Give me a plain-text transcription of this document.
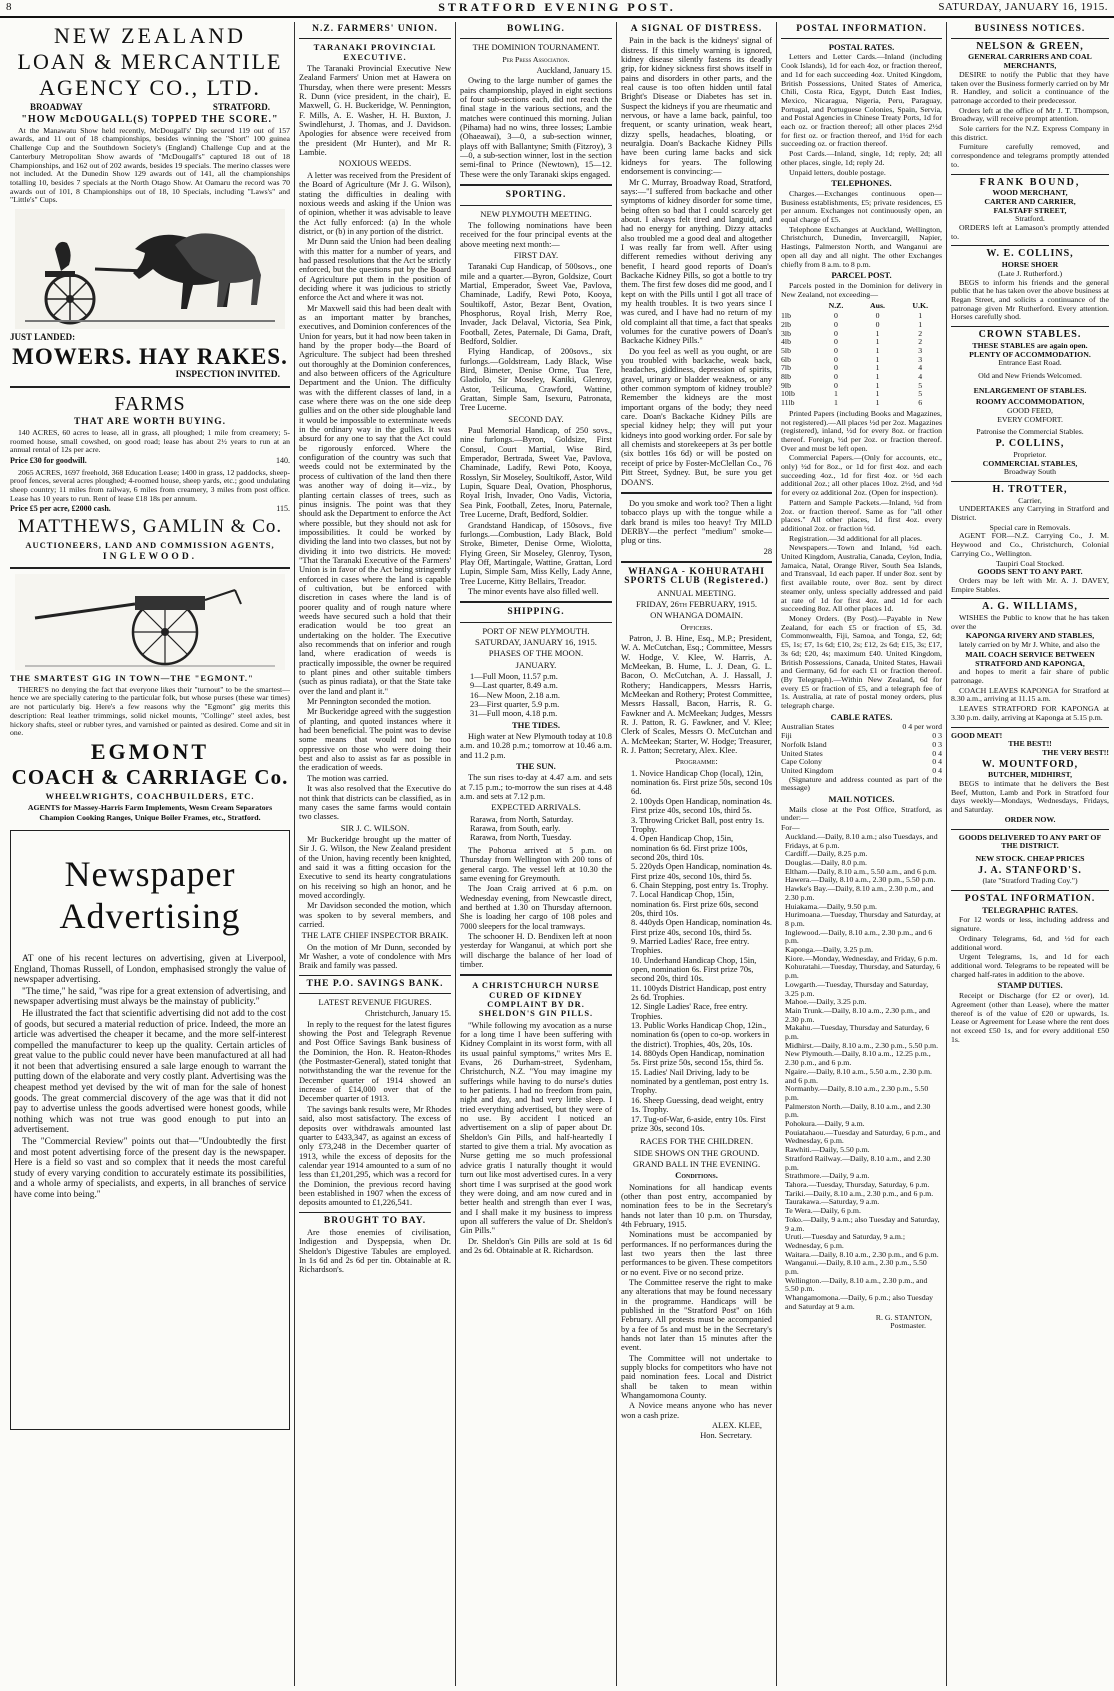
8	STRATFORD EVENING POST.	SATURDAY, JANUARY 16, 1915.
NEW ZEALAND
LOAN & MERCANTILE
AGENCY CO., LTD.
BROADWAY	STRATFORD.
"HOW McDOUGALL(S) TOPPED THE SCORE."

At the Manawatu Show held recently, McDougall's' Dip secured 119 out of 157 awards, and 11 out of 18 championships, besides winning the "Short" 100 guinea Challenge Cup and the Southdown Society's (England) Challenge Cup and at the Canterbury Metropolitan Show awards of "McDougall's" captured 18 out of 18 Championships, and 162 out of 202 awards, besides 19 specials. The merino classes were not included. At the Dunedin Show 129 awards out of 141, all the championships totalling 10, besides 7 specials at the North Otago Show. At Oamaru the record was 70 awards out of 101, 8 Championships out of 18, 10 Specials, including "Laws's" and "Little's" Cups.

JUST LANDED:
MOWERS. HAY RAKES.
INSPECTION INVITED.
FARMS
THAT ARE WORTH BUYING.

140 ACRES, 60 acres to lease, all in grass, all ploughed; 1 mile from creamery; 5-roomed house, small cowshed, on good road; lease has about 2½ years to run at an annual rental of 12s per acre.

Price £30 for goodwill.	140.

2065 ACRES, 1697 freehold, 368 Education Lease; 1400 in grass, 12 paddocks, sheep-proof fences, several acres ploughed; 4-roomed house, sheep yards, etc.; good undulating sheep country; 11 miles from railway, 6 miles from creamery, 3 miles from post office. Lease has 10 years to run. Rent of lease £18 18s per annum.

Price £5 per acre, £2000 cash.	115.
MATTHEWS, GAMLIN & Co.
AUCTIONEERS, LAND AND COMMISSION AGENTS,
INGLEWOOD.
THE SMARTEST GIG IN TOWN—THE "EGMONT."

THERE'S no denying the fact that everyone likes their "turnout" to be the smartest—hence we are specially catering to the particular folk, but whose purses (these war times) are not particularly big. Here's a few reasons why the "Egmont" gig merits this description: Real leather trimmings, solid nickel mounts, "Collinge" steel axles, best hickory shafts, steel or rubber tyres, and varnished or painted as desired. Come and sit in one.

EGMONT
COACH & CARRIAGE Co.
WHEELWRIGHTS, COACHBUILDERS, ETC.
AGENTS for Massey-Harris Farm Implements, Wesm Cream Separators
Champion Cooking Ranges, Unique Boiler Frames, etc., Stratford.
Newspaper
Advertising

AT one of his recent lectures on advertising, given at Liverpool, England, Thomas Russell, of London, emphasised strongly the value of newspaper advertising.

"The time," he said, "was ripe for a great extension of advertising, and newspaper advertising must always be the mainstay of publicity."

He illustrated the fact that scientific advertising did not add to the cost of goods, but secured a material reduction of price. Indeed, the more an article was advertised the cheaper it became, and the more self-interest compelled the manufacturer to keep up the quality. Certain articles of great value to the public could never have been manufactured at all had it not been that advertising ensured a sale large enough to warrant the putting down of the elaborate and very costly plant. Advertising was the cheapest method yet devised by the wit of man for the sale of honest goods. The great commercial discovery of the age was that it did not pay to advertise unless the goods advertised were honest goods, while nothing which was not true was good enough to put into an advertisement.

The "Commercial Review" points out that—"Undoubtedly the first and most potent advertising force of the present day is the newspaper. Here is a field so vast and so complex that it needs the most careful study of every varying condition to accurately estimate its possibilities, and a whole army of specialists, and experts, in all branches of service have come into being."

N.Z. FARMERS' UNION.
TARANAKI PROVINCIAL EXECUTIVE.

The Taranaki Provincial Executive New Zealand Farmers' Union met at Hawera on Thursday, when there were present: Messrs R. Dunn (vice president, in the chair), E. Maxwell, G. H. Buckeridge, W. Pennington, F. Mills, A. E. Washer, H. H. Buxton, J. Swindlehurst, J. Thomas, and J. Davidson. Apologies for absence were received from the president (Mr Hunter), and Mr R. Lambie.

NOXIOUS WEEDS.

A letter was received from the President of the Board of Agriculture (Mr J. G. Wilson), stating the difficulties in dealing with noxious weeds and asking if the Union was of opinion, whether it was advisable to leave the Act fully enforced: (a) In the whole district, or (b) in any portion of the district.

Mr Dunn said the Union had been dealing with this matter for a number of years, and had passed resolutions that the Act be strictly enforced, but the questions put by the Board of Agriculture put them in the position of deciding where it was judicious to strictly enforce the Act and where it was not.

Mr Maxwell said this had been dealt with as an important matter by branches, executives, and Dominion conferences of the Union for years, but it had now been taken in hand by the proper body—the Board of Agriculture. The subject had been threshed out thoroughly at the Dominion conferences, and also between officers of the Agriculture Department and the Union. The difficulty was with the different classes of land, in a case where there was on the one side deep gullies and on the other side ploughable land it would be impossible to exterminate weeds in the ordinary way in the gullies. It was absurd for any one to say that the Act could be rigorously enforced. Where the configuration of the country was such that weeds could not be exterminated by the process of cultivation of the land then there was another way of doing it—viz., by planting certain classes of trees, such as pinus insignis. The point was that they should ask the Department to enforce the Act where possible, but they should not ask for impossibilities. It could be worked by dividing the land into two classes, but not by dividing it into two districts. He moved: "That the Taranaki Executive of the Farmers' Union is in favor of the Act being stringently enforced in cases where the land is capable of cultivation, but be enforced with discretion in cases where the land is of poorer quality and of rough nature where weeds have secured such a hold that their eradication would be too great an undertaking on the holder. The Executive also recommends that on inferior and rough land, where eradication of weeds is practically impossible, the owner be required to plant pines and other suitable timbers (such as pinus radiata), or that the State take over the land and plant it."

Mr Pennington seconded the motion.

Mr Buckeridge agreed with the suggestion of planting, and quoted instances where it had been beneficial. The point was to devise some means that would not be too oppressive on those who were doing their best and also to assist as far as possible in the eradication of weeds.

The motion was carried.

It was also resolved that the Executive do not think that districts can be classified, as in many cases the same farms would contain two classes.

SIR J. C. WILSON.

Mr Buckeridge brought up the matter of Sir J. G. Wilson, the New Zealand president of the Union, having recently been knighted, and said it was a fitting occasion for the Executive to send its hearty congratulations on his receiving so high an honor, and he moved accordingly.

Mr Davidson seconded the motion, which was spoken to by several members, and carried.

THE LATE CHIEF INSPECTOR BRAIK.

On the motion of Mr Dunn, seconded by Mr Washer, a vote of condolence with Mrs Braik and family was passed.

THE P.O. SAVINGS BANK.
LATEST REVENUE FIGURES.

Christchurch, January 15.

In reply to the request for the latest figures showing the Post and Telegraph Revenue and Post Office Savings Bank business of the Dominion, the Hon. R. Heaton-Rhodes (the Postmaster-General), stated tonight that notwithstanding the war the revenue for the December quarter of 1914 showed an increase of £14,000 over that of the December quarter of 1913.

The savings bank results were, Mr Rhodes said, also most satisfactory. The excess of deposits over withdrawals amounted last quarter to £433,347, as against an excess of only £73,248 in the December quarter of 1913, while the excess of deposits for the calendar year 1914 amounted to a sum of no less than £1,201,295, which was a record for the Dominion, the previous record having been established in 1907 when the excess of deposits amounted to £1,226,541.

BROUGHT TO BAY.

Are those enemies of civilisation, Indigestion and Dyspepsia, when Dr. Sheldon's Digestive Tabules are employed. In 1s 6d and 2s 6d per tin. Obtainable at R. Richardson's.

BOWLING.
THE DOMINION TOURNAMENT.
Per Press Association.

Auckland, January 15.

Owing to the large number of games the pairs championship, played in eight sections of four sub-sections each, did not reach the final stage in the various sections, and the matches were continued this morning. Julian (Pihama) had no wins, three losses; Lambie (Ohaeawai), 3—0, a sub-section winner, plays off with Ballantyne; Smith (Fitzroy), 3—0, a sub-section winner, lost in the section semi-final to Prince (Newtown), 15—12. These were the only Taranaki skips engaged.

SPORTING.
NEW PLYMOUTH MEETING.

The following nominations have been received for the four principal events at the above meeting next month:—

FIRST DAY.

Taranaki Cup Handicap, of 500sovs., one mile and a quarter.—Byron, Goldsize, Court Martial, Emperador, Sweet Vae, Pavlova, Chaminade, Ladify, Rewi Poto, Kooya, Soultikoff, Astor, Bezar Bent, Ovation, Phosphorus, Royal Irish, Merry Roe, Invader, Jack Delaval, Victoria, Sea Pink, Football, Zetes, Paternale, Di Gama, Draft, Bedford, Soldier.

Flying Handicap, of 200sovs., six furlongs.—Goldstream, Lady Black, Wise Bird, Bimeter, Denise Orme, Tua Tere, Gladiolo, Sir Moseley, Kaniki, Glenroy, Astor, Teilicuma, Crawford, Wattine, Grattan, Simple Sam, Isexuru, Patronata, Tree Lucerne.

SECOND DAY.

Paul Memorial Handicap, of 250 sovs., nine furlongs.—Byron, Goldsize, First Consul, Court Martial, Wise Bird, Emperador, Bertrada, Sweet Vae, Pavlova, Chaminade, Ladify, Rewi Poto, Kooya, Rosslyn, Sir Moseley, Soultikoff, Astor, Wild Lupin, Square Deal, Ovation, Phosphorus, Royal Irish, Invader, Ono Vadis, Victoria, Sea Pink, Football, Zetes, Inoru, Paternale, Tree Lucerne, Draft, Bedford, Soldier.

Grandstand Handicap, of 150sovs., five furlongs.—Combustion, Lady Black, Bold Stroke, Bimeter, Denise Orme, Wiolotta, Flying Green, Sir Moseley, Glenroy, Tyson, Play Off, Martingale, Wattine, Grattan, Lord Lupin, Simple Sam, Miss Kelly, Lady Anne, Tree Lucerne, Kitty Bellairs, Treador.

The minor events have also filled well.

SHIPPING.
PORT OF NEW PLYMOUTH.
SATURDAY, JANUARY 16, 1915.
PHASES OF THE MOON.
JANUARY.
1—Full Moon, 11.57 p.m.
9—Last quarter, 8.49 a.m.
16—New Moon, 2.18 a.m.
23—First quarter, 5.9 p.m.
31—Full moon, 4.18 p.m.
THE TIDES.

High water at New Plymouth today at 10.8 a.m. and 10.28 p.m.; tomorrow at 10.46 a.m. and 11.2 p.m.

THE SUN.

The sun rises to-day at 4.47 a.m. and sets at 7.15 p.m.; to-morrow the sun rises at 4.48 a.m. and sets at 7.12 p.m.

EXPECTED ARRIVALS.
Rarawa, from North, Saturday.
Rarawa, from South, early.
Rarawa, from North, Tuesday.

The Pohorua arrived at 5 p.m. on Thursday from Wellington with 200 tons of general cargo. The vessel left at 10.30 the same evening for Greymouth.

The Joan Craig arrived at 6 p.m. on Wednesday evening, from Newcastle direct, and berthed at 1.30 on Thursday afternoon. She is loading her cargo of 108 poles and 7000 sleepers for the local tramways.

The schooner H. D. Bendixen left at noon yesterday for Wanganui, at which port she will discharge the balance of her load of timber.

A CHRISTCHURCH NURSE CURED OF KIDNEY COMPLAINT BY DR. SHELDON'S GIN PILLS.

"While following my avocation as a nurse for a long time I have been suffering with Kidney Complaint in its worst form, with all its usual painful symptoms," writes Mrs E. Evans, 26 Durham-street, Sydenham, Christchurch, N.Z. "You may imagine my sufferings while having to do nurse's duties to her patients. I had no freedom from pain, night and day, and had very little sleep. I tried everything advertised, but they were of no use. By accident I noticed an advertisement on a slip of paper about Dr. Sheldon's Gin Pills, and half-heartedly I started to give them a trial. My avocation as Nurse getting me so much professional advice gratis I naturally thought it would turn out like most advertised cures. In a very short time I was surprised at the good work they were doing, and am now cured and in better health and strength than ever I was, and I shall make it my business to impress upon all sufferers the value of Dr. Sheldon's Gin Pills."

Dr. Sheldon's Gin Pills are sold at 1s 6d and 2s 6d. Obtainable at R. Richardson.

A SIGNAL OF DISTRESS.

Pain in the back is the kidneys' signal of distress. If this timely warning is ignored, kidney disease silently fastens its deadly grip, for kidney sickness first shows itself in pains and disorders in other parts, and the real cause is too often hidden until fatal Bright's Disease or Diabetes has set in. Suspect the kidneys if you are rheumatic and nervous, or have a lame back, painful, too frequent, or scanty urination, weak heart, dizzy spells, headaches, bloating, or neuralgia. Doan's Backache Kidney Pills have been curing lame backs and sick kidneys for years. The following endorsement is convincing:—

Mr C. Murray, Broadway Road, Stratford, says:—"I suffered from backache and other symptoms of kidney disorder for some time, being often so bad that I could scarcely get about. I always felt tired and languid, and had no energy for anything. Dizzy attacks also troubled me a good deal and altogether I was really far from well. After using different remedies without deriving any benefit, I heard good reports of Doan's Backache Kidney Pills, so got a bottle to try them. The first few doses did me good, and I kept on with the Pills until I got all trace of my health troubles. It is two years since I was cured, and I have had no return of my old complaint all that time, a fact that speaks volumes for the curative powers of Doan's Backache Kidney Pills."

Do you feel as well as you ought, or are you troubled with backache, weak back, headaches, giddiness, depression of spirits, gravel, urinary or bladder weakness, or any other common symptom of kidney trouble? Remember the kidneys are the most important organs of the body; they need care. Doan's Backache Kidney Pills are special kidney help; they will put your kidneys into good working order. For sale by all chemists and storekeepers at 3s per bottle (six bottles 16s 6d) or will be posted on receipt of price by Foster-McClellan Co., 76 Pitt Street, Sydney. But, be sure you get DOAN'S.

Do you smoke and work too? Then a light tobacco plays up with the tongue while a dark brand is miles too heavy! Try MILD DERBY—the perfect "medium" smoke—plug or tins.

28
WHANGA - KOHURATAHI SPORTS CLUB (Registered.)
ANNUAL MEETING.
FRIDAY, 26th FEBRUARY, 1915.
ON WHANGA DOMAIN.
Officers.

Patron, J. B. Hine, Esq., M.P.; President, W. A. McCutchan, Esq.; Committee, Messrs W. Hodge, V. Klee, W. Harris, A. McMeekan, B. Hume, L. J. Dean, G. L. Bacon, O. McCutchan, A. J. Hassall, J. Rothery; Handicappers, Messrs Harris, McMeekan and Rothery; Protest Committee, Messrs Hassall, Bacon, Harris, R. G. Fawkner and A. McMeekan; Judges, Messrs R. J. Patton, R. G. Fawkner, and V. Klee; Clerk of Scales, Messrs O. McCutchan and A. McMeekan; Starter, W. Hodge; Treasurer, R. J. Patton; Secretary, Alex. Klee.

Programme:
1. Novice Handicap Chop (local), 12in, nomination 6s. First prize 50s, second 10s 6d.
2. 100yds Open Handicap, nomination 4s. First prize 40s, second 10s, third 5s.
3. Throwing Cricket Ball, post entry 1s. Trophy.
4. Open Handicap Chop, 15in, nomination 6s 6d. First prize 100s, second 20s, third 10s.
5. 220yds Open Handicap, nomination 4s. First prize 40s, second 10s, third 5s.
6. Chain Stepping, post entry 1s. Trophy.
7. Local Handicap Chop, 15in, nomination 6s. First prize 60s, second 20s, third 10s.
8. 440yds Open Handicap, nomination 4s. First prize 40s, second 10s, third 5s.
9. Married Ladies' Race, free entry. Trophies.
10. Underhand Handicap Chop, 15in, open, nomination 6s. First prize 70s, second 20s, third 10s.
11. 100yds District Handicap, post entry 2s 6d. Trophies.
12. Single Ladies' Race, free entry. Trophies.
13. Public Works Handicap Chop, 12in., nomination 6s (open to co-op. workers in the district). Trophies, 40s, 20s, 10s.
14. 880yds Open Handicap, nomination 5s. First prize 50s, second 15s, third 5s.
15. Ladies' Nail Driving, lady to be nominated by a gentleman, post entry 1s. Trophy.
16. Sheep Guessing, dead weight, entry 1s. Trophy.
17. Tug-of-War, 6-aside, entry 10s. First prize 30s, second 10s.
RACES FOR THE CHILDREN.
SIDE SHOWS ON THE GROUND.
GRAND BALL IN THE EVENING.
Conditions.

Nominations for all handicap events (other than post entry, accompanied by nomination fees to be in the Secretary's hands not later than 10 p.m. on Thursday, 4th February, 1915.

Nominations must be accompanied by performances. If no performances during the last two years then the last three performances to be given. These competitors or no event. Five or no second prize.

The Committee reserve the right to make any alterations that may be found necessary in the programme. Handicaps will be published in the "Stratford Post" on 16th February. All protests must be accompanied by a fee of 5s and must be in the Secretary's hands not later than 15 minutes after the event.

The Committee will not undertake to supply blocks for competitors who have not paid nomination fees. Local and District shall be taken to mean within Whangamomona County.

A Novice means anyone who has never won a cash prize.

ALEX. KLEE,
Hon. Secretary.
POSTAL INFORMATION.
POSTAL RATES.

Letters and Letter Cards.—Inland (including Cook Islands), 1d for each 4oz, or fraction thereof, and 1d for each succeeding 4oz. United Kingdom, British Possessions, United States of America, Chili, Costa Rica, Egypt, Dutch East Indies, Mexico, Nicaragua, Nigeria, Peru, Paraguay, Portugal, and Portuguese Colonies, Spain, Servia, and Postal Agencies in Chinese Treaty Ports, 1d for each oz. or fraction thereof; all other places 2½d for first oz. or fraction thereof, and 1½d for each succeeding oz. or fraction thereof.

Post Cards.—Inland, single, 1d; reply, 2d; all other places, single, 1d; reply 2d.

Unpaid letters, double postage.

TELEPHONES.

Charges.—Exchanges continuous open—Business establishments, £5; private residences, £5 per annum. Exchanges not continuously open, an equal charge of £5.

Telephone Exchanges at Auckland, Wellington, Christchurch, Dunedin, Invercargill, Napier, Hastings, Palmerston North, and Wanganui are open all day and all night. The other Exchanges chiefly from 8 a.m. to 8 p.m.

PARCEL POST.

Parcels posted in the Dominion for delivery in New Zealand, not exceeding—

	N.Z.	Aus.	U.K.
1lb	0	0	1
2lb	0	0	1
3lb	0	1	2
4lb	0	1	2
5lb	0	1	3
6lb	0	1	3
7lb	0	1	4
8lb	0	1	4
9lb	0	1	5
10lb	1	1	5
11lb	1	1	6

Printed Papers (including Books and Magazines, not registered).—All places ½d per 2oz. Magazines (registered), inland, ½d for every 8oz. or fraction thereof. Foreign, ½d per 2oz. or fraction thereof. Over and must be left open.

Commercial Papers.—(Only for accounts, etc., only) ½d for 8oz., or 1d for first 4oz. and each succeeding 4oz., 1d for first 4oz. or ½d each additional 2oz.; all other places 10oz. 2½d, and ½d for every oz additional 2oz. (Open for inspection).

Pattern and Sample Packets.—Inland, ½d from 2oz. or fraction thereof. Same as for "all other places." All other places, 1d first 4oz. every additional 2oz. or fraction ½d.

Registration.—3d additional for all places.

Newspapers.—Town and Inland, ½d each. United Kingdom, Australia, Canada, Ceylon, India, Jamaica, Natal, Orange River, South Sea Islands, and Transvaal, 1d each paper. If under 8oz. sent by first available route, over 8oz. sent by direct steamer only, unless specially addressed and paid at rate of 1d for first 4oz. and 1d for each succeeding 8oz. All other places 1d.

Money Orders. (By Post).—Payable in New Zealand, for each £5 or fraction of £5, 3d. Commonwealth, Fiji, Samoa, and Tonga, £2, 6d; £5, 1s; £7, 1s 6d; £10, 2s; £12, 2s 6d; £15, 3s; £17, 3s 6d; £20, 4s; maximum £40. United Kingdom, British Possessions, Canada, United States, Hawaii and Germany, 6d for each £1 or fraction thereof. (By Telegraph).—Within New Zealand, 6d for every £5 or fraction of £5, and a telegraph fee of 1s. Australia, at rate of postal money orders, plus telegraph charge.

CABLE RATES.
Australian States	0 4 per word
Fiji	0 3
Norfolk Island	0 3
United States	0 4
Cape Colony	0 4
United Kingdom	0 4

(Signature and address counted as part of the message)

MAIL NOTICES.

Mails close at the Post Office, Stratford, as under:—

For—
Auckland.—Daily, 8.10 a.m.; also Tuesdays, and Fridays, at 6 p.m.
Cardiff.—Daily, 8.25 p.m.
Douglas.—Daily, 8.0 p.m.
Eltham.—Daily, 8.10 a.m., 5.50 a.m., and 6 p.m.
Hawera.—Daily, 8.10 a.m., 2.30 p.m., 5.50 p.m.
Hawke's Bay.—Daily, 8.10 a.m., 2.30 p.m., and 2.30 p.m.
Huiakama.—Daily, 9.50 p.m.
Hurimoana.—Tuesday, Thursday and Saturday, at 8 p.m.
Inglewood.—Daily, 8.10 a.m., 2.30 p.m., and 6 p.m.
Kaponga.—Daily, 3.25 p.m.
Kiore.—Monday, Wednesday, and Friday, 6 p.m.
Kohuratahi.—Tuesday, Thursday, and Saturday, 6 p.m.
Lowgarth.—Tuesday, Thursday and Saturday, 3.25 p.m.
Mahoe.—Daily, 3.25 p.m.
Main Trunk.—Daily, 8.10 a.m., 2.30 p.m., and 2.30 p.m.
Makahu.—Tuesday, Thursday and Saturday, 6 p.m.
Midhirst.—Daily, 8.10 a.m., 2.30 p.m., 5.50 p.m.
New Plymouth.—Daily, 8.10 a.m., 12.25 p.m., 2.30 p.m., and 6 p.m.
Ngaire.—Daily, 8.10 a.m., 5.50 a.m., 2.30 p.m. and 6 p.m.
Normanby.—Daily, 8.10 a.m., 2.30 p.m., 5.50 p.m.
Palmerston North.—Daily, 8.10 a.m., and 2.30 p.m.
Pohokura.—Daily, 9 a.m.
Pouiatahaou.—Tuesday and Saturday, 6 p.m., and Wednesday, 6 p.m.
Rawhiti.—Daily, 5.50 p.m.
Stratford Railway.—Daily, 8.10 a.m., and 2.30 p.m.
Strathmore.—Daily, 9 a.m.
Tahora.—Tuesday, Thursday, Saturday, 6 p.m.
Tariki.—Daily, 8.10 a.m., 2.30 p.m., and 6 p.m.
Taurakawa.—Saturday, 9 a.m.
Te Wera.—Daily, 6 p.m.
Toko.—Daily, 9 a.m.; also Tuesday and Saturday, 9 a.m.
Uruti.—Tuesday and Saturday, 9 a.m.; Wednesday, 6 p.m.
Waitara.—Daily, 8.10 a.m., 2.30 p.m., and 6 p.m.
Wanganui.—Daily, 8.10 a.m., 2.30 p.m., 5.50 p.m.
Wellington.—Daily, 8.10 a.m., 2.30 p.m., and 5.50 p.m.
Whangamomona.—Daily, 6 p.m.; also Tuesday and Saturday at 9 a.m.
R. G. STANTON,
Postmaster.
BUSINESS NOTICES.
NELSON & GREEN,
GENERAL CARRIERS AND COAL MERCHANTS,

DESIRE to notify the Public that they have taken over the Business formerly carried on by Mr R. Handley, and solicit a continuance of the patronage accorded to their predecessor.

Orders left at the office of Mr J. T. Thompson, Broadway, will receive prompt attention.

Sole carriers for the N.Z. Express Company in this district.

Furniture carefully removed, and correspondence and telegrams promptly attended to.

FRANK BOUND,
WOOD MERCHANT,
CARTER AND CARRIER,
FALSTAFF STREET,
Stratford.

ORDERS left at Lamason's promptly attended to.

W. E. COLLINS,
HORSE SHOER
(Late J. Rutherford.)

BEGS to inform his friends and the general public that he has taken over the above business at Regan Street, and solicits a continuance of the patronage given Mr Rutherford. Every attention. Horses carefully shod.

CROWN STABLES.
THESE STABLES are again open.
PLENTY OF ACCOMMODATION.
Entrance East Road.
Old and New Friends Welcomed.
ENLARGEMENT OF STABLES.
ROOMY ACCOMMODATION,
GOOD FEED,
EVERY COMFORT.
Patronise the Commercial Stables.
P. COLLINS,
Proprietor.
COMMERCIAL STABLES,
Broadway South
H. TROTTER,
Carrier,

UNDERTAKES any Carrying in Stratford and District.

Special care in Removals.

AGENT FOR—N.Z. Carrying Co., J. M. Heywood and Co., Christchurch, Colonial Carrying Co., Wellington.

Taupiri Coal Stocked.
GOODS SENT TO ANY PART.

Orders may be left with Mr. A. J. DAVEY, Empire Stables.

A. G. WILLIAMS,

WISHES the Public to know that he has taken over the

KAPONGA RIVERY AND STABLES,

lately carried on by Mr J. White, and also the

MAIL COACH SERVICE BETWEEN STRATFORD AND KAPONGA,

and hopes to merit a fair share of public patronage.

COACH LEAVES KAPONGA for Stratford at 8.30 a.m., arriving at 11.15 a.m.

LEAVES STRATFORD FOR KAPONGA at 3.30 p.m. daily, arriving at Kaponga at 5.15 p.m.

GOOD MEAT!
THE BEST!!
THE VERY BEST!!
W. MOUNTFORD,
BUTCHER, MIDHIRST,

BEGS to intimate that he delivers the Best Beef, Mutton, Lamb and Pork in Stratford four days weekly—Mondays, Wednesdays, Fridays, and Saturday.

ORDER NOW.
GOODS DELIVERED TO ANY PART OF THE DISTRICT.
NEW STOCK. CHEAP PRICES
J. A. STANFORD'S.
(late "Stratford Trading Coy.")
POSTAL INFORMATION.
TELEGRAPHIC RATES.

For 12 words or less, including address and signature.

Ordinary Telegrams, 6d, and ½d for each additional word.

Urgent Telegrams, 1s, and 1d for each additional word. Telegrams to be repeated will be charged half-rates in addition to the above.

STAMP DUTIES.

Receipt or Discharge (for £2 or over), 1d. Agreement (other than Lease), where the matter thereof is of the value of £20 or upwards, 1s. Lease or Agreement for Lease where the rent does not exceed £50 1s, and for every additional £50 1s.
